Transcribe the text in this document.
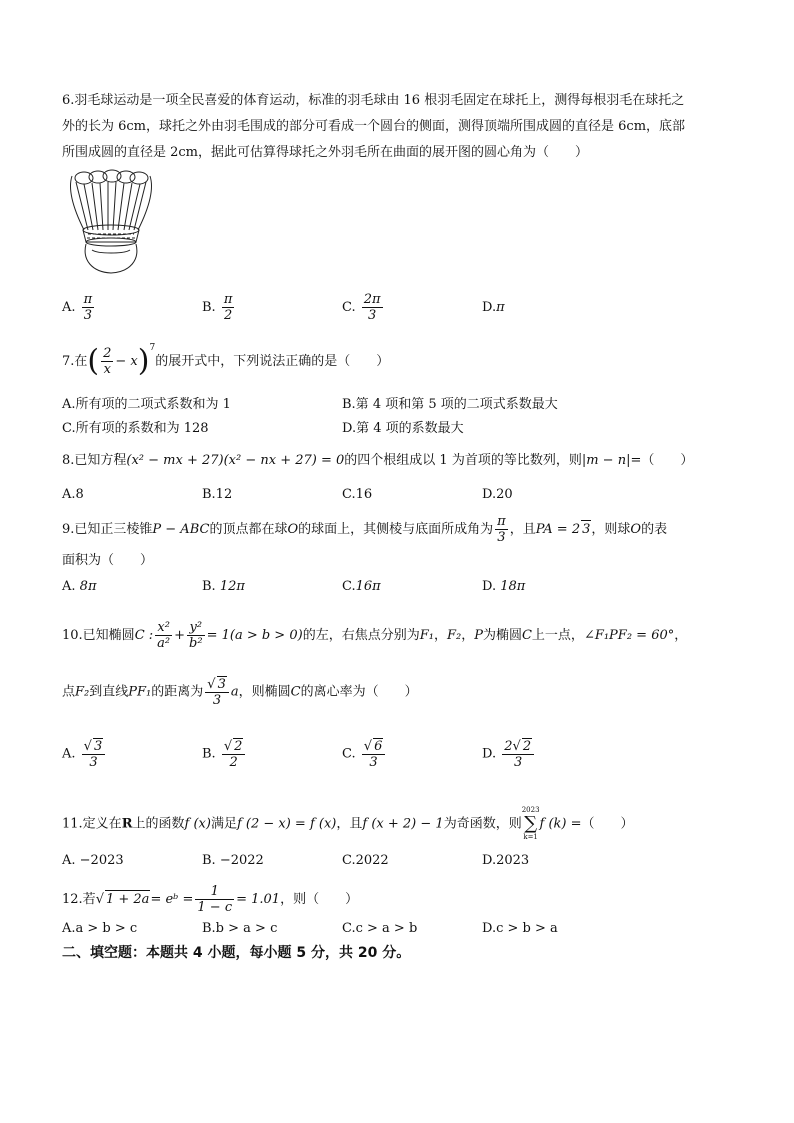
6.羽毛球运动是一项全民喜爱的体育运动，标准的羽毛球由 16 根羽毛固定在球托上，测得每根羽毛在球托之
外的长为 6cm，球托之外由羽毛围成的部分可看成一个圆台的侧面，测得顶端所围成圆的直径是 6cm，底部
所围成圆的直径是 2cm，据此可估算得球托之外羽毛所在曲面的展开图的圆心角为（　　）
A. $\frac{\pi}{3}$	B. $\frac{\pi}{2}$	C. $\frac{2\pi}{3}$	D.π
7.在( $\frac{2}{x} - x)^7$的展开式中，下列说法正确的是（　　）
A.所有项的二项式系数和为 1	B.第 4 项和第 5 项的二项式系数最大
C.所有项的系数和为 128	D.第 4 项的系数最大
8.已知方程(x² − mx + 27)(x² − nx + 27) = 0的四个根组成以 1 为首项的等比数列，则|m − n|=（　　）
A.8	B.12	C.16	D.20
9.已知正三棱锥P − ABC的顶点都在球O的球面上，其侧棱与底面所成角为 $\frac{\pi}{3}$ ，且PA = 2 3，则球O的表
面积为（　　）
A. 8π	B. 12π	C.16π	D. 18π
10.已知椭圆C : $\frac{\text{x²}}{\text{a²}} + \frac{\text{y²}}{\text{b²}} = 1(a > b > 0)$的左，右焦点分别为F₁，F₂，P为椭圆C上一点，∠F₁PF₂ = 60°，
点F₂到直线PF₁的距离为 $\frac{√ 3}{3}$ a，则椭圆C的离心率为（　　）
A. $\frac{√ 3}{3}$	B. $\frac{√ 2}{2}$	C. $\frac{√ 6}{3}$	D. $\frac{2√ 2}{3}$
11.定义在R上的函数f (x)满足f (2 − x) = f (x)，且f (x + 2) − 1为奇函数，则
2023
∑
k=1
f (k) =（　　）
A. −2023	B. −2022	C.2022	D.2023
12.若√ 1 + 2a= eᵇ = $\frac{1}{1 - c} = 1.01$，则（　　）
A.a > b > c	B.b > a > c	C.c > a > b	D.c > b > a
二、填空题：本题共 4 小题，每小题 5 分，共 20 分。
